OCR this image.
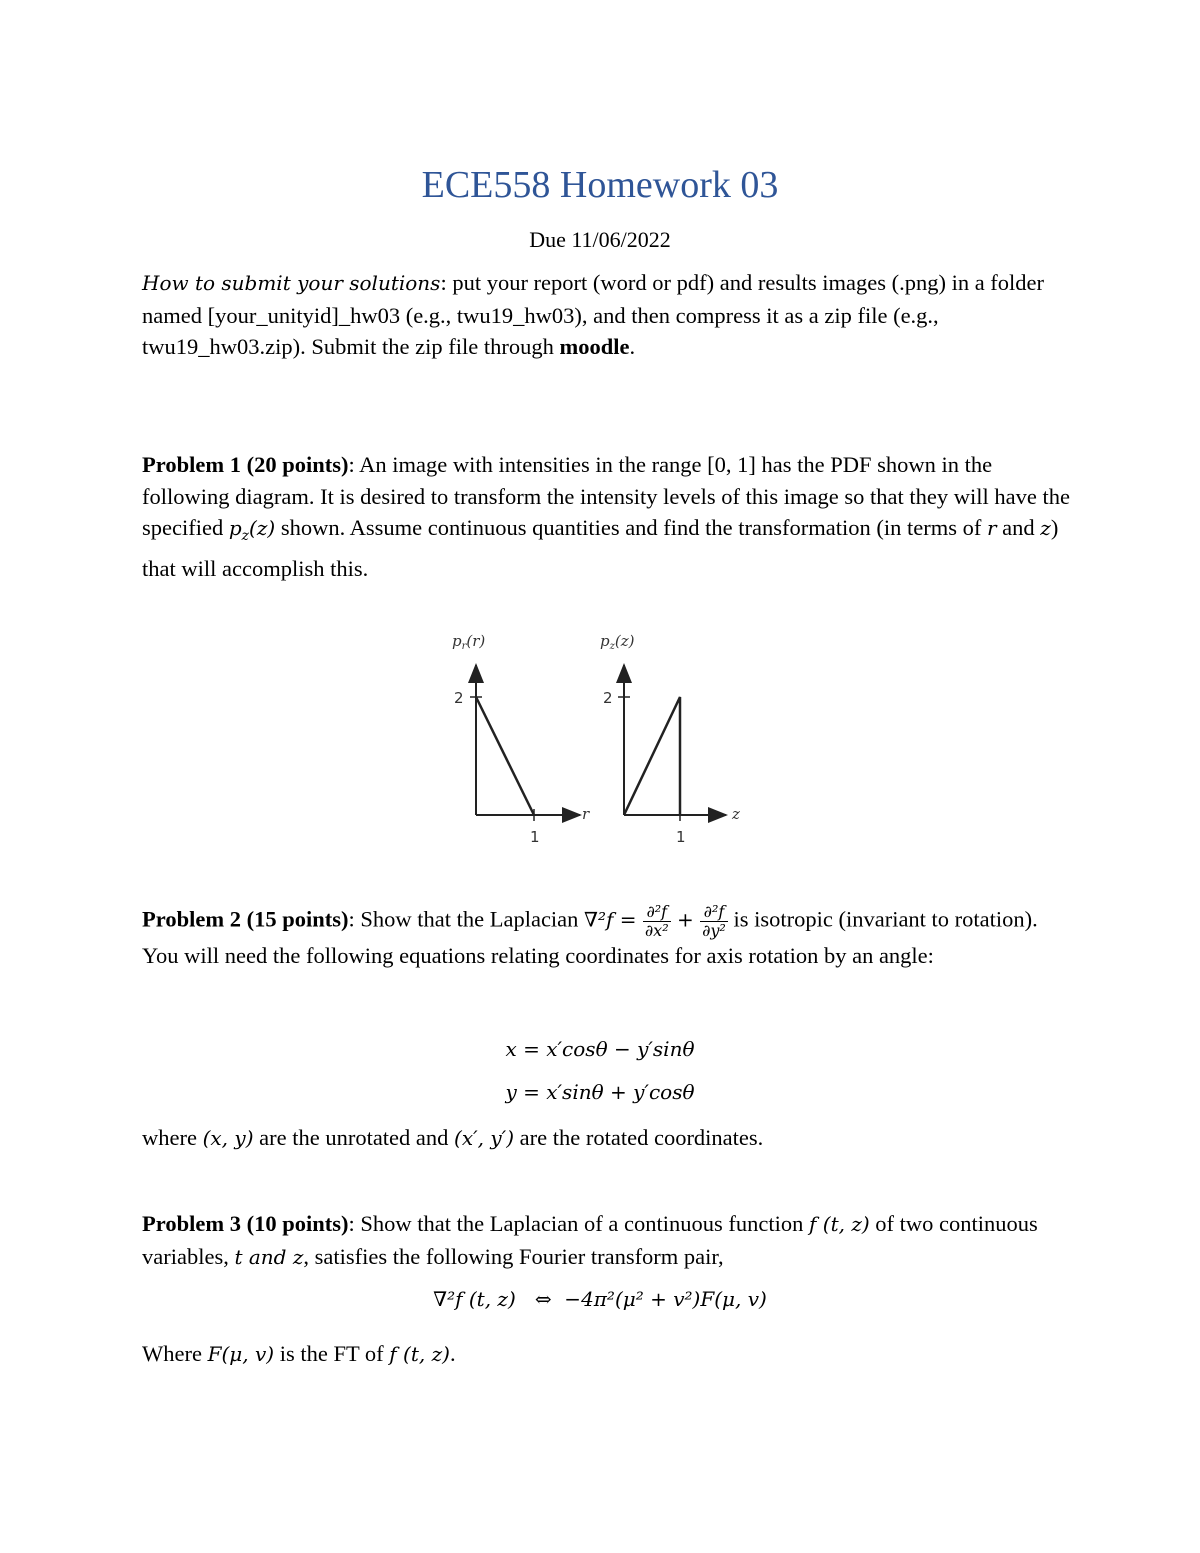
ECE558 Homework 03
Due 11/06/2022

How to submit your solutions: put your report (word or pdf) and results images (.png) in a folder named [your_unityid]_hw03 (e.g., twu19_hw03), and then compress it as a zip file (e.g., twu19_hw03.zip). Submit the zip file through moodle.

Problem 1 (20 points): An image with intensities in the range [0, 1] has the PDF shown in the following diagram. It is desired to transform the intensity levels of this image so that they will have the specified $p_z(z)$ shown. Assume continuous quantities and find the transformation (in terms of r and z) that will accomplish this.

$p_r(r)$
2
1
r
$p_z(z)$
2
1
z

Problem 2 (15 points): Show that the Laplacian $\nabla^2f = \frac{\text{∂²f}}{\text{∂x²}} + \frac{\text{∂²f}}{\text{∂y²}}$ is isotropic (invariant to rotation). You will need the following equations relating coordinates for axis rotation by an angle:

x = x′cosθ − y′sinθ
y = x′sinθ + y′cosθ

where (x, y) are the unrotated and (x′, y′) are the rotated coordinates.

Problem 3 (10 points): Show that the Laplacian of a continuous function f (t, z) of two continuous variables, t and z, satisfies the following Fourier transform pair,

∇²f (t, z)   ⇔  −4π²(μ² + v²)F(μ, v)

Where F(μ, v) is the FT of f (t, z).
